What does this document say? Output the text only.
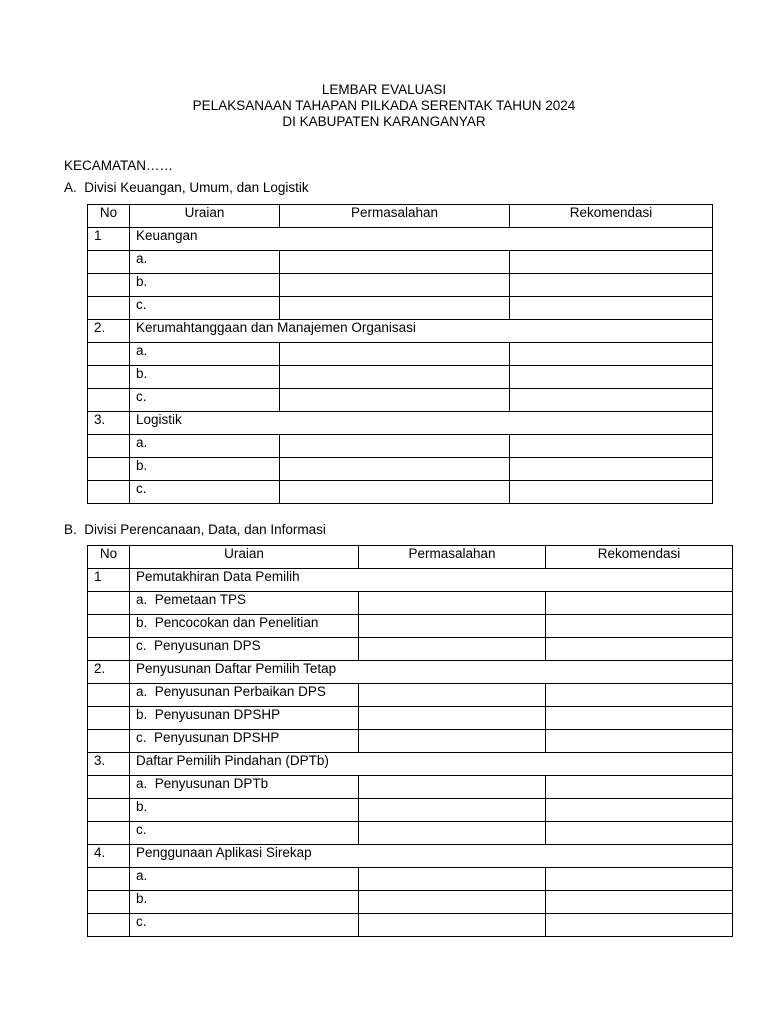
LEMBAR EVALUASI
PELAKSANAAN TAHAPAN PILKADA SERENTAK TAHUN 2024
DI KABUPATEN KARANGANYAR
KECAMATAN……
A.  Divisi Keuangan, Umum, dan Logistik
No	Uraian	Permasalahan	Rekomendasi
1	Keuangan		
	a.		
	b.		
	c.		
2.	Kerumahtanggaan dan Manajemen Organisasi		
	a.		
	b.		
	c.		
3.	Logistik		
	a.		
	b.		
	c.		
B.  Divisi Perencanaan, Data, dan Informasi
No	Uraian	Permasalahan	Rekomendasi
1	Pemutakhiran Data Pemilih		
	a.  Pemetaan TPS		
	b.  Pencocokan dan Penelitian		
	c.  Penyusunan DPS		
2.	Penyusunan Daftar Pemilih Tetap		
	a.  Penyusunan Perbaikan DPS		
	b.  Penyusunan DPSHP		
	c.  Penyusunan DPSHP		
3.	Daftar Pemilih Pindahan (DPTb)		
	a.  Penyusunan DPTb		
	b.		
	c.		
4.	Penggunaan Aplikasi Sirekap		
	a.		
	b.		
	c.		
